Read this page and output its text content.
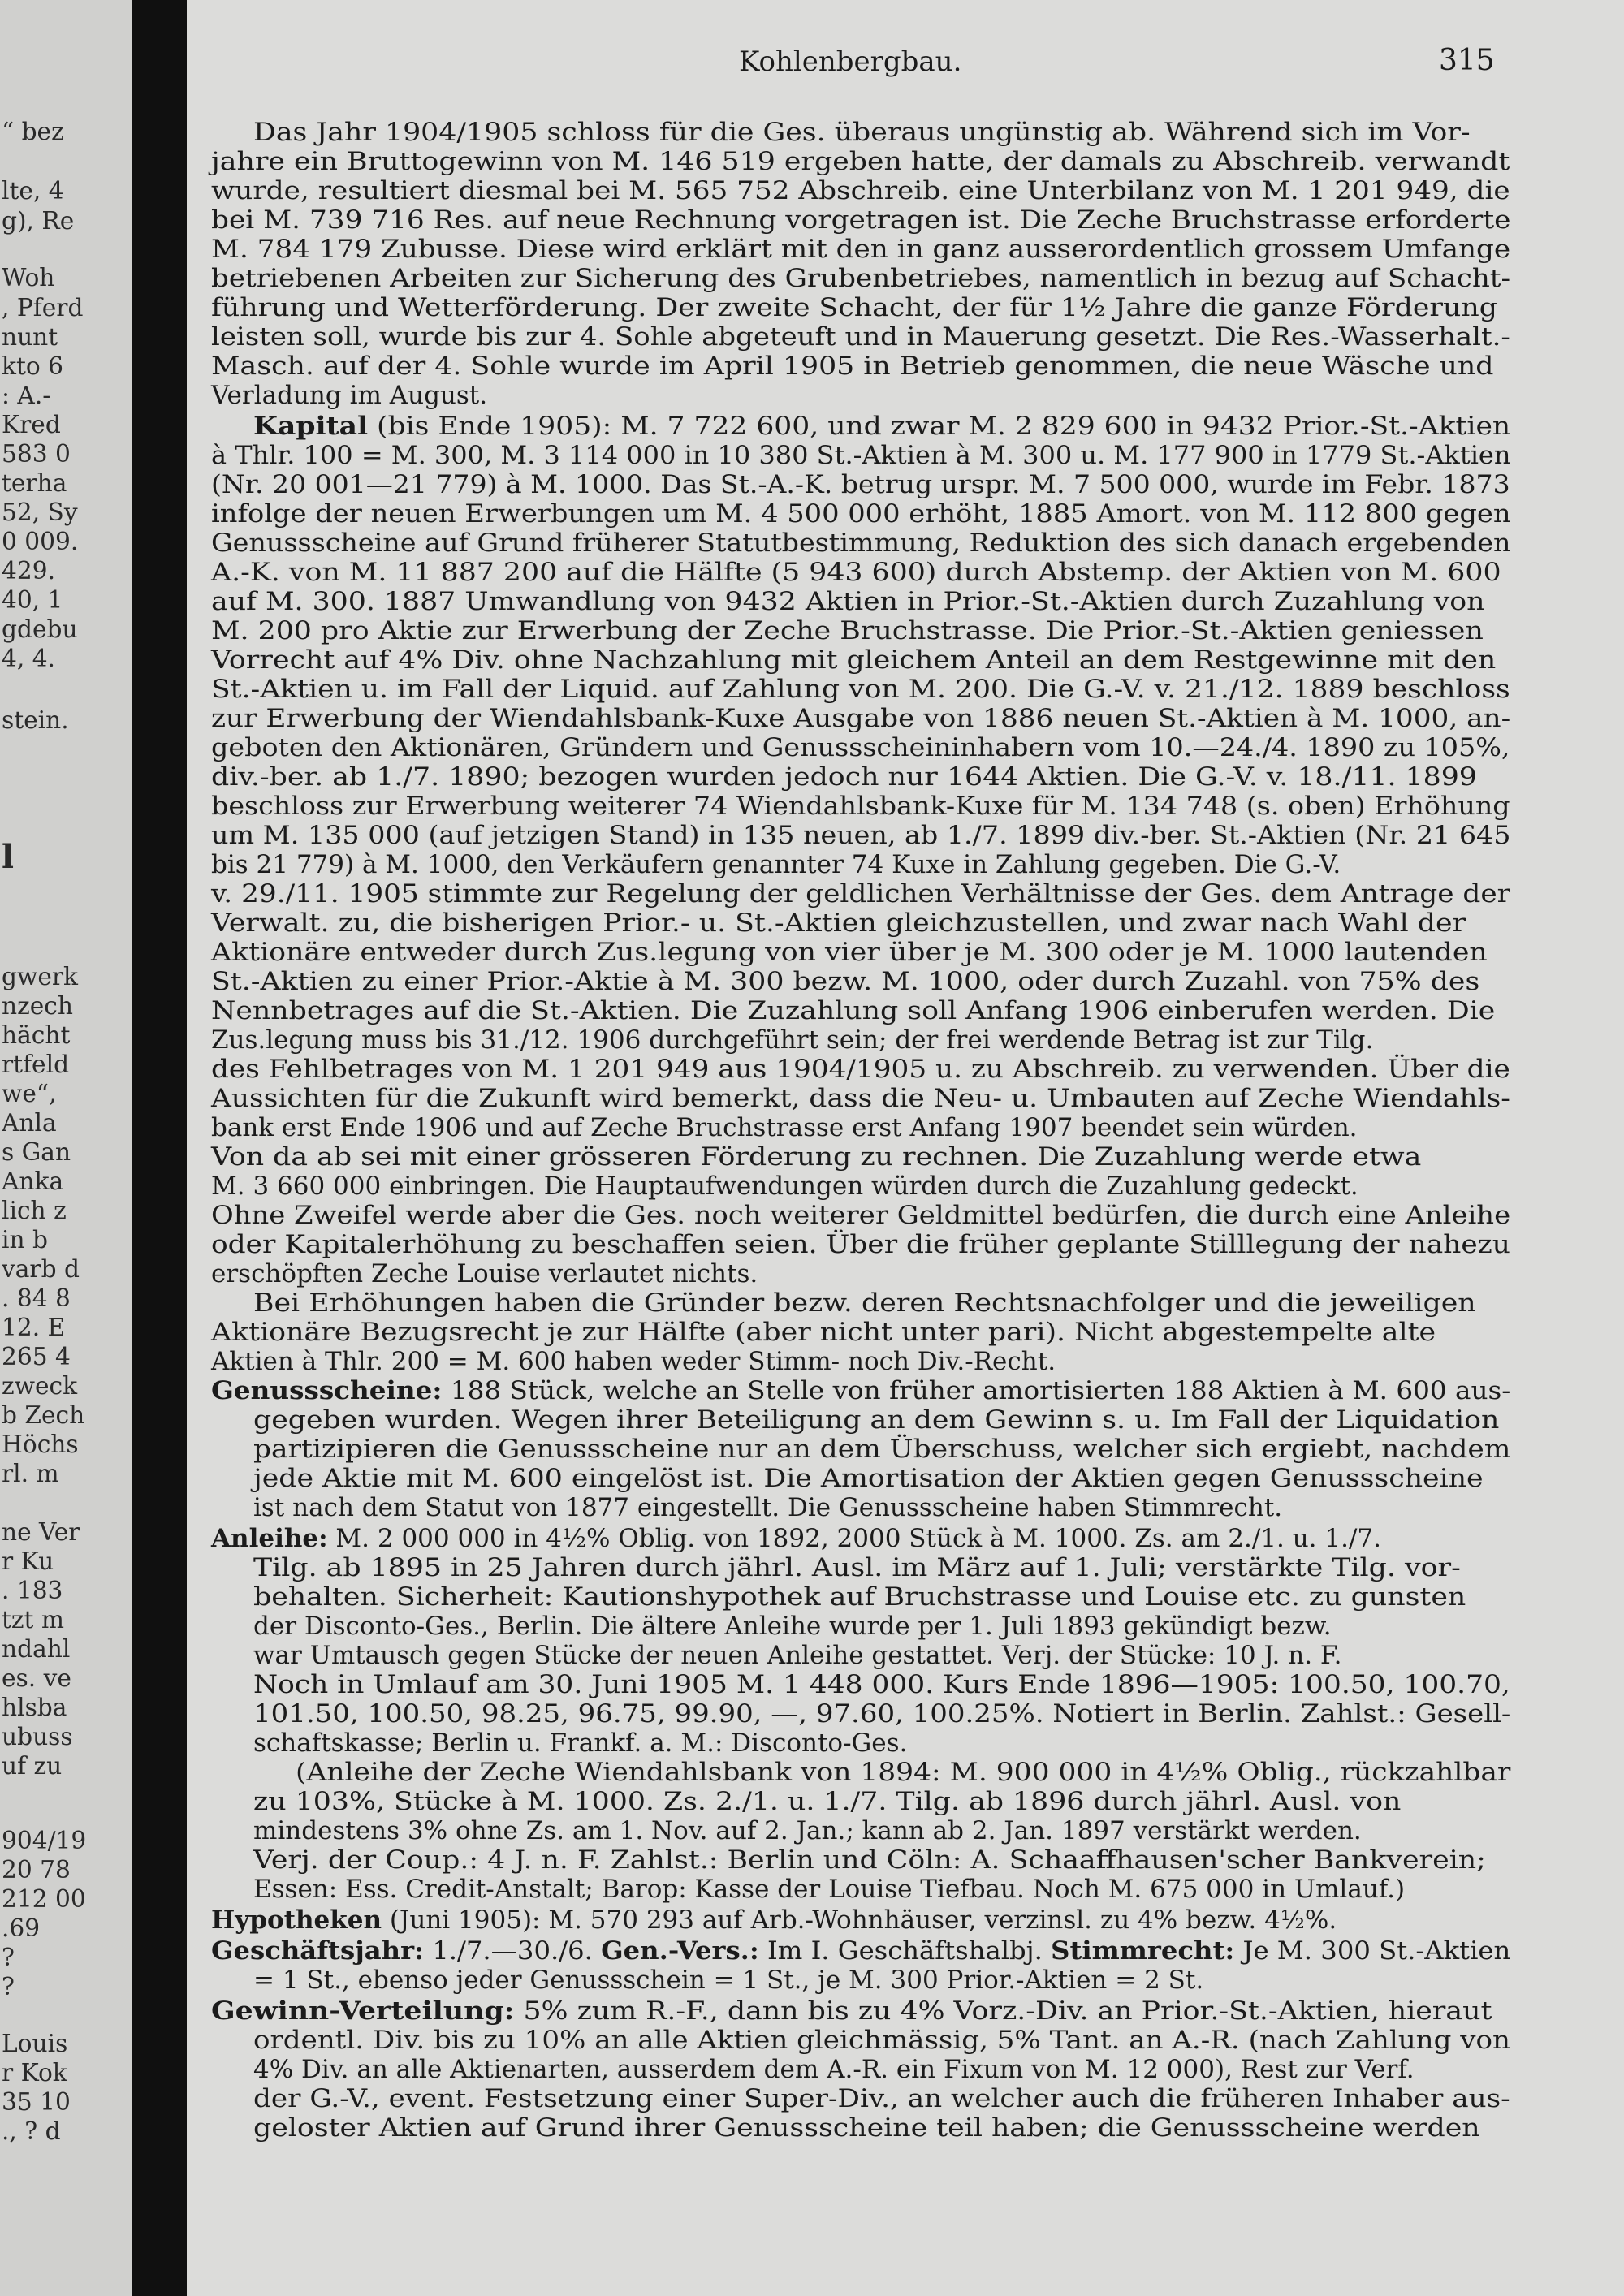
“ bez
lte, 4
g), Re
Woh
, Pferd
nunt
kto 6
: A.-
Kred
583 0
terha
52, Sy
0 009.
429.
40, 1
gdebu
4, 4.
stein.
l
gwerk
nzech
hächt
rtfeld
we“,
Anla
s Gan
Anka
lich z
in b
varb d
. 84 8
12. E
265 4
zweck
b Zech
Höchs
rl. m
ne Ver
r Ku
. 183
tzt m
ndahl
es. ve
hlsba
ubuss
uf zu
904/19
20 78
212 00
.69
?
?
Louis
r Kok
35 10
., ? d
Kohlenbergbau.	315
Das Jahr 1904/1905 schloss für die Ges. überaus ungünstig ab. Während sich im Vor-
jahre ein Bruttogewinn von M. 146 519 ergeben hatte, der damals zu Abschreib. verwandt
wurde, resultiert diesmal bei M. 565 752 Abschreib. eine Unterbilanz von M. 1 201 949, die
bei M. 739 716 Res. auf neue Rechnung vorgetragen ist. Die Zeche Bruchstrasse erforderte
M. 784 179 Zubusse. Diese wird erklärt mit den in ganz ausserordentlich grossem Umfange
betriebenen Arbeiten zur Sicherung des Grubenbetriebes, namentlich in bezug auf Schacht-
führung und Wetterförderung. Der zweite Schacht, der für 1½ Jahre die ganze Förderung
leisten soll, wurde bis zur 4. Sohle abgeteuft und in Mauerung gesetzt. Die Res.-Wasserhalt.-
Masch. auf der 4. Sohle wurde im April 1905 in Betrieb genommen, die neue Wäsche und
Verladung im August.
Kapital (bis Ende 1905): M. 7 722 600, und zwar M. 2 829 600 in 9432 Prior.-St.-Aktien
à Thlr. 100 = M. 300, M. 3 114 000 in 10 380 St.-Aktien à M. 300 u. M. 177 900 in 1779 St.-Aktien
(Nr. 20 001—21 779) à M. 1000. Das St.-A.-K. betrug urspr. M. 7 500 000, wurde im Febr. 1873
infolge der neuen Erwerbungen um M. 4 500 000 erhöht, 1885 Amort. von M. 112 800 gegen
Genussscheine auf Grund früherer Statutbestimmung, Reduktion des sich danach ergebenden
A.-K. von M. 11 887 200 auf die Hälfte (5 943 600) durch Abstemp. der Aktien von M. 600
auf M. 300. 1887 Umwandlung von 9432 Aktien in Prior.-St.-Aktien durch Zuzahlung von
M. 200 pro Aktie zur Erwerbung der Zeche Bruchstrasse. Die Prior.-St.-Aktien geniessen
Vorrecht auf 4% Div. ohne Nachzahlung mit gleichem Anteil an dem Restgewinne mit den
St.-Aktien u. im Fall der Liquid. auf Zahlung von M. 200. Die G.-V. v. 21./12. 1889 beschloss
zur Erwerbung der Wiendahlsbank-Kuxe Ausgabe von 1886 neuen St.-Aktien à M. 1000, an-
geboten den Aktionären, Gründern und Genussscheininhabern vom 10.—24./4. 1890 zu 105%,
div.-ber. ab 1./7. 1890; bezogen wurden jedoch nur 1644 Aktien. Die G.-V. v. 18./11. 1899
beschloss zur Erwerbung weiterer 74 Wiendahlsbank-Kuxe für M. 134 748 (s. oben) Erhöhung
um M. 135 000 (auf jetzigen Stand) in 135 neuen, ab 1./7. 1899 div.-ber. St.-Aktien (Nr. 21 645
bis 21 779) à M. 1000, den Verkäufern genannter 74 Kuxe in Zahlung gegeben. Die G.-V.
v. 29./11. 1905 stimmte zur Regelung der geldlichen Verhältnisse der Ges. dem Antrage der
Verwalt. zu, die bisherigen Prior.- u. St.-Aktien gleichzustellen, und zwar nach Wahl der
Aktionäre entweder durch Zus.legung von vier über je M. 300 oder je M. 1000 lautenden
St.-Aktien zu einer Prior.-Aktie à M. 300 bezw. M. 1000, oder durch Zuzahl. von 75% des
Nennbetrages auf die St.-Aktien. Die Zuzahlung soll Anfang 1906 einberufen werden. Die
Zus.legung muss bis 31./12. 1906 durchgeführt sein; der frei werdende Betrag ist zur Tilg.
des Fehlbetrages von M. 1 201 949 aus 1904/1905 u. zu Abschreib. zu verwenden. Über die
Aussichten für die Zukunft wird bemerkt, dass die Neu- u. Umbauten auf Zeche Wiendahls-
bank erst Ende 1906 und auf Zeche Bruchstrasse erst Anfang 1907 beendet sein würden.
Von da ab sei mit einer grösseren Förderung zu rechnen. Die Zuzahlung werde etwa
M. 3 660 000 einbringen. Die Hauptaufwendungen würden durch die Zuzahlung gedeckt.
Ohne Zweifel werde aber die Ges. noch weiterer Geldmittel bedürfen, die durch eine Anleihe
oder Kapitalerhöhung zu beschaffen seien. Über die früher geplante Stilllegung der nahezu
erschöpften Zeche Louise verlautet nichts.
Bei Erhöhungen haben die Gründer bezw. deren Rechtsnachfolger und die jeweiligen
Aktionäre Bezugsrecht je zur Hälfte (aber nicht unter pari). Nicht abgestempelte alte
Aktien à Thlr. 200 = M. 600 haben weder Stimm- noch Div.-Recht.
Genussscheine: 188 Stück, welche an Stelle von früher amortisierten 188 Aktien à M. 600 aus-
gegeben wurden. Wegen ihrer Beteiligung an dem Gewinn s. u. Im Fall der Liquidation
partizipieren die Genussscheine nur an dem Überschuss, welcher sich ergiebt, nachdem
jede Aktie mit M. 600 eingelöst ist. Die Amortisation der Aktien gegen Genussscheine
ist nach dem Statut von 1877 eingestellt. Die Genussscheine haben Stimmrecht.
Anleihe: M. 2 000 000 in 4½% Oblig. von 1892, 2000 Stück à M. 1000. Zs. am 2./1. u. 1./7.
Tilg. ab 1895 in 25 Jahren durch jährl. Ausl. im März auf 1. Juli; verstärkte Tilg. vor-
behalten. Sicherheit: Kautionshypothek auf Bruchstrasse und Louise etc. zu gunsten
der Disconto-Ges., Berlin. Die ältere Anleihe wurde per 1. Juli 1893 gekündigt bezw.
war Umtausch gegen Stücke der neuen Anleihe gestattet. Verj. der Stücke: 10 J. n. F.
Noch in Umlauf am 30. Juni 1905 M. 1 448 000. Kurs Ende 1896—1905: 100.50, 100.70,
101.50, 100.50, 98.25, 96.75, 99.90, —, 97.60, 100.25%. Notiert in Berlin. Zahlst.: Gesell-
schaftskasse; Berlin u. Frankf. a. M.: Disconto-Ges.
(Anleihe der Zeche Wiendahlsbank von 1894: M. 900 000 in 4½% Oblig., rückzahlbar
zu 103%, Stücke à M. 1000. Zs. 2./1. u. 1./7. Tilg. ab 1896 durch jährl. Ausl. von
mindestens 3% ohne Zs. am 1. Nov. auf 2. Jan.; kann ab 2. Jan. 1897 verstärkt werden.
Verj. der Coup.: 4 J. n. F. Zahlst.: Berlin und Cöln: A. Schaaffhausen'scher Bankverein;
Essen: Ess. Credit-Anstalt; Barop: Kasse der Louise Tiefbau. Noch M. 675 000 in Umlauf.)
Hypotheken (Juni 1905): M. 570 293 auf Arb.-Wohnhäuser, verzinsl. zu 4% bezw. 4½%.
Geschäftsjahr: 1./7.—30./6. Gen.-Vers.: Im I. Geschäftshalbj. Stimmrecht: Je M. 300 St.-Aktien
= 1 St., ebenso jeder Genussschein = 1 St., je M. 300 Prior.-Aktien = 2 St.
Gewinn-Verteilung: 5% zum R.-F., dann bis zu 4% Vorz.-Div. an Prior.-St.-Aktien, hieraut
ordentl. Div. bis zu 10% an alle Aktien gleichmässig, 5% Tant. an A.-R. (nach Zahlung von
4% Div. an alle Aktienarten, ausserdem dem A.-R. ein Fixum von M. 12 000), Rest zur Verf.
der G.-V., event. Festsetzung einer Super-Div., an welcher auch die früheren Inhaber aus-
geloster Aktien auf Grund ihrer Genussscheine teil haben; die Genussscheine werden
